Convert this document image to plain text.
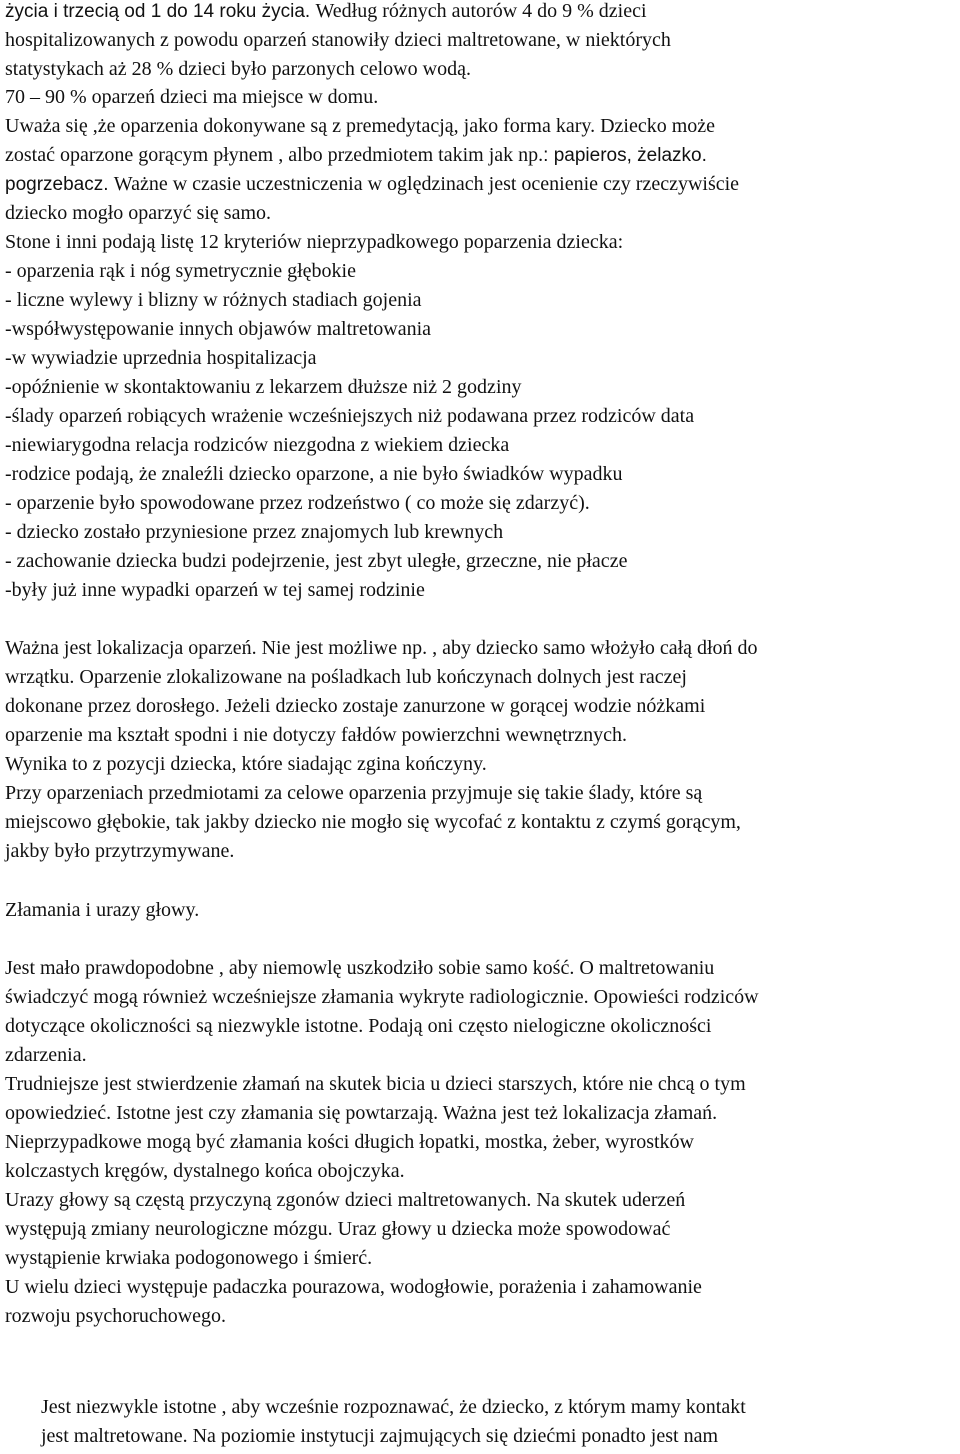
życia i trzecią od 1 do 14 roku życia. Według różnych autorów 4 do 9 % dzieci
hospitalizowanych z powodu oparzeń stanowiły dzieci maltretowane, w niektórych
statystykach aż 28 % dzieci było parzonych celowo wodą.
70 – 90 % oparzeń dzieci ma miejsce w domu.
Uważa się ,że oparzenia dokonywane są z premedytacją, jako forma kary. Dziecko może
zostać oparzone gorącym płynem , albo przedmiotem takim jak np.: papieros, żelazko.
pogrzebacz. Ważne w czasie uczestniczenia w oględzinach jest ocenienie czy rzeczywiście
dziecko mogło oparzyć się samo.
Stone i inni podają listę 12 kryteriów nieprzypadkowego poparzenia dziecka:
- oparzenia rąk i nóg symetrycznie głębokie
- liczne wylewy i blizny w różnych stadiach gojenia
-współwystępowanie innych objawów maltretowania
-w wywiadzie uprzednia hospitalizacja
-opóźnienie w skontaktowaniu z lekarzem dłuższe niż 2 godziny
-ślady oparzeń robiących wrażenie wcześniejszych niż podawana przez rodziców data
-niewiarygodna relacja rodziców niezgodna z wiekiem dziecka
-rodzice podają, że znaleźli dziecko oparzone, a nie było świadków wypadku
- oparzenie było spowodowane przez rodzeństwo ( co może się zdarzyć).
- dziecko zostało przyniesione przez znajomych lub krewnych
- zachowanie dziecka budzi podejrzenie, jest zbyt uległe, grzeczne, nie płacze
-były już inne wypadki oparzeń w tej samej rodzinie
Ważna jest lokalizacja oparzeń. Nie jest możliwe np. , aby dziecko samo włożyło całą dłoń do
wrzątku. Oparzenie zlokalizowane na pośladkach lub kończynach dolnych jest raczej
dokonane przez dorosłego. Jeżeli dziecko zostaje zanurzone w gorącej wodzie nóżkami
oparzenie ma kształt spodni i nie dotyczy fałdów powierzchni wewnętrznych.
Wynika to z pozycji dziecka, które siadając zgina kończyny.
Przy oparzeniach przedmiotami za celowe oparzenia przyjmuje się takie ślady, które są
miejscowo głębokie, tak jakby dziecko nie mogło się wycofać z kontaktu z czymś gorącym,
jakby było przytrzymywane.
Złamania i urazy głowy.
Jest mało prawdopodobne , aby niemowlę uszkodziło sobie samo kość. O maltretowaniu
świadczyć mogą również wcześniejsze złamania wykryte radiologicznie. Opowieści rodziców
dotyczące okoliczności są niezwykle istotne. Podają oni często nielogiczne okoliczności
zdarzenia.
Trudniejsze jest stwierdzenie złamań na skutek bicia u dzieci starszych, które nie chcą o tym
opowiedzieć. Istotne jest czy złamania się powtarzają. Ważna jest też lokalizacja złamań.
Nieprzypadkowe mogą być złamania kości długich łopatki, mostka, żeber, wyrostków
kolczastych kręgów, dystalnego końca obojczyka.
Urazy głowy są częstą przyczyną zgonów dzieci maltretowanych. Na skutek uderzeń
występują zmiany neurologiczne mózgu. Uraz głowy u dziecka może spowodować
wystąpienie krwiaka podogonowego i śmierć.
U wielu dzieci występuje padaczka pourazowa, wodogłowie, porażenia i zahamowanie
rozwoju psychoruchowego.
Jest niezwykle istotne , aby wcześnie rozpoznawać, że dziecko, z którym mamy kontakt
jest maltretowane. Na poziomie instytucji zajmujących się dziećmi ponadto jest nam
